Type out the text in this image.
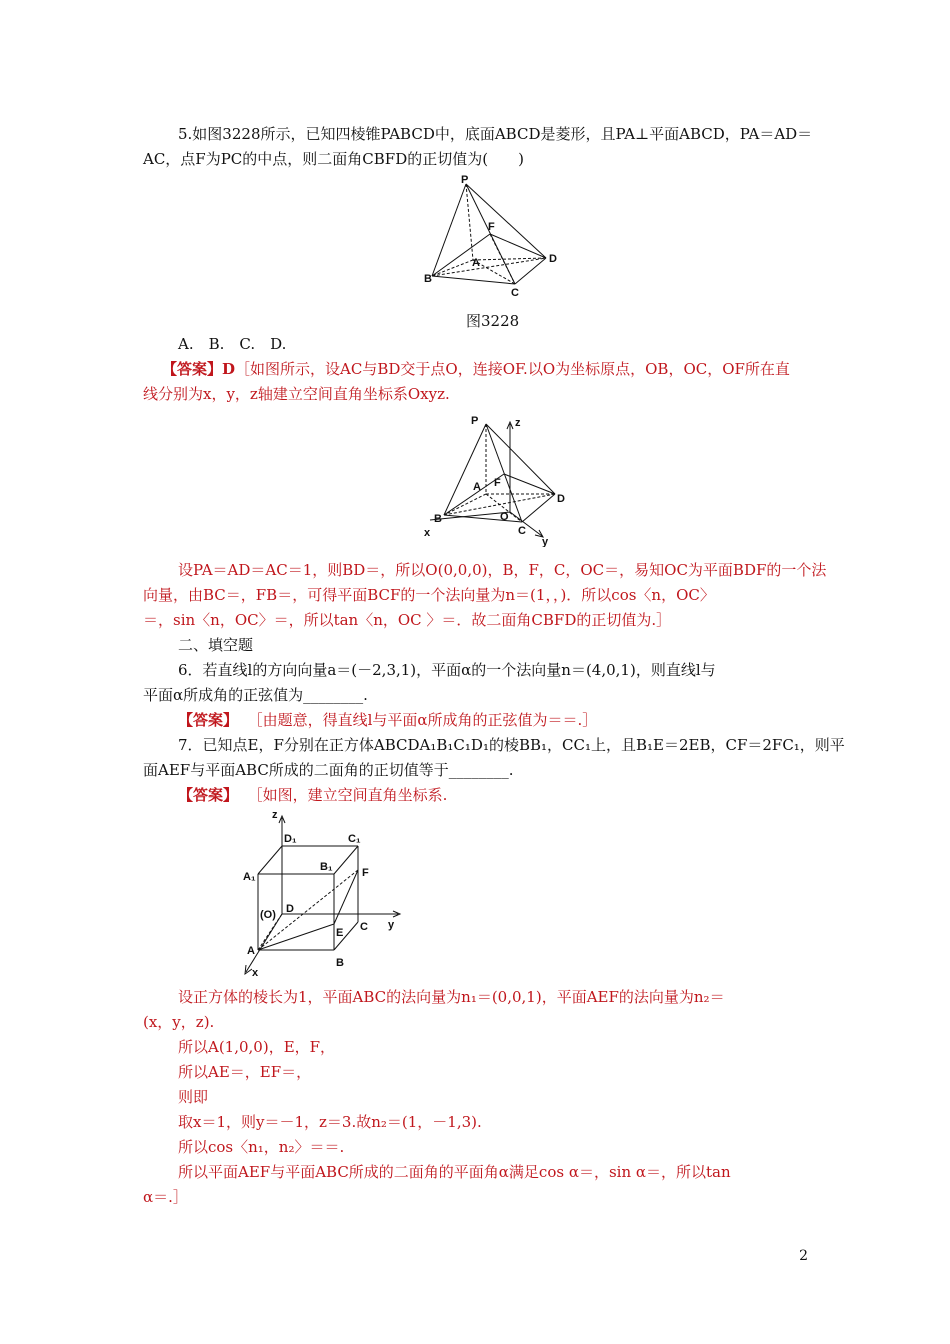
5.如图3228所示，已知四棱锥PABCD中，底面ABCD是菱形，且PA⊥平面ABCD，PA＝AD＝
AC，点F为PC的中点，则二面角CBFD的正切值为(　　)
P
F
A	D
B
C
图3228
A.　B.　C.　D.
【答案】D［如图所示，设AC与BD交于点O，连接OF.以O为坐标原点，OB，OC，OF所在直
线分别为x，y，z轴建立空间直角坐标系Oxyz.
P	z
A F
D
B	O
C
x
y
设PA＝AD＝AC＝1，则BD＝，所以O(0,0,0)，B，F，C，OC＝，易知OC为平面BDF的一个法
向量，由BC＝，FB＝，可得平面BCF的一个法向量为n＝(1，，)．所以cos〈n，OC〉
＝，sin〈n，OC〉＝，所以tan〈n，OC 〉＝．故二面角CBFD的正切值为.］
二、填空题
6．若直线l的方向向量a＝(－2,3,1)，平面α的一个法向量n＝(4,0,1)，则直线l与
平面α所成角的正弦值为________.
【答案】 ［由题意，得直线l与平面α所成角的正弦值为＝＝.］
7．已知点E，F分别在正方体ABCDA₁B₁C₁D₁的棱BB₁，CC₁上，且B₁E＝2EB，CF＝2FC₁，则平
面AEF与平面ABC所成的二面角的正切值等于________.
【答案】 ［如图，建立空间直角坐标系.
z
D₁	C₁
A₁
B₁	F
(O) D
E C y
A
B
x
设正方体的棱长为1，平面ABC的法向量为n₁＝(0,0,1)，平面AEF的法向量为n₂＝
(x，y，z).
所以A(1,0,0)，E，F，
所以AE＝，EF＝，
则即
取x＝1，则y＝－1，z＝3.故n₂＝(1，－1,3).
所以cos〈n₁，n₂〉＝＝.
所以平面AEF与平面ABC所成的二面角的平面角α满足cos α＝，sin α＝，所以tan
α＝.］
2
